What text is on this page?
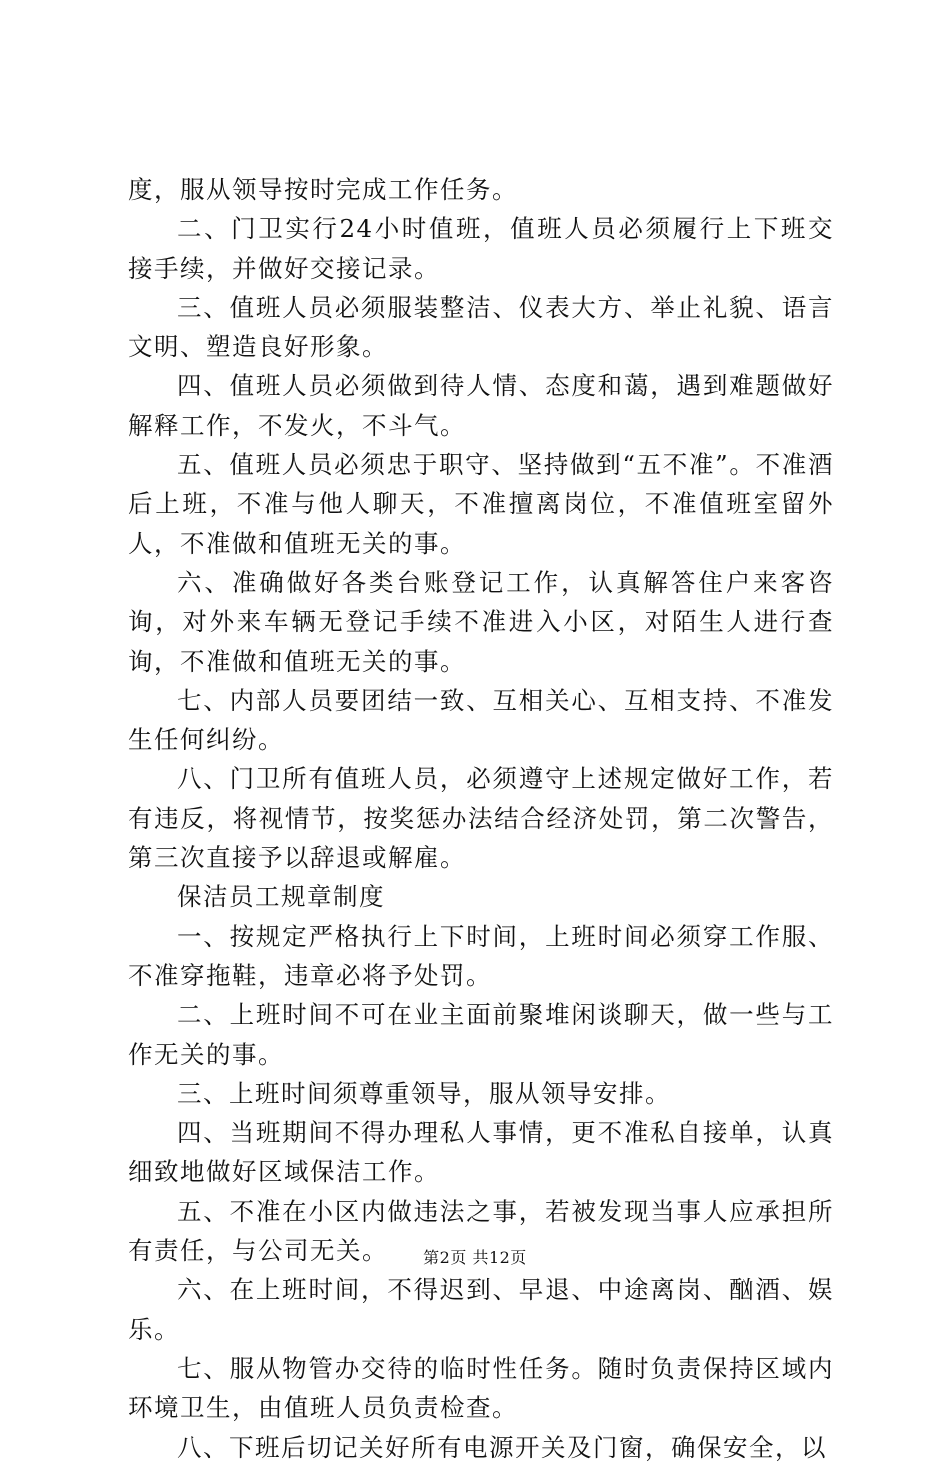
度，服从领导按时完成工作任务。

二、门卫实行24小时值班，值班人员必须履行上下班交接手续，并做好交接记录。

三、值班人员必须服装整洁、仪表大方、举止礼貌、语言文明、塑造良好形象。

四、值班人员必须做到待人情、态度和蔼，遇到难题做好解释工作，不发火，不斗气。

五、值班人员必须忠于职守、坚持做到“五不准”。不准酒后上班，不准与他人聊天，不准擅离岗位，不准值班室留外人，不准做和值班无关的事。

六、准确做好各类台账登记工作，认真解答住户来客咨询，对外来车辆无登记手续不准进入小区，对陌生人进行查询，不准做和值班无关的事。

七、内部人员要团结一致、互相关心、互相支持、不准发生任何纠纷。

八、门卫所有值班人员，必须遵守上述规定做好工作，若有违反，将视情节，按奖惩办法结合经济处罚，第二次警告，第三次直接予以辞退或解雇。

保洁员工规章制度

一、按规定严格执行上下时间，上班时间必须穿工作服、不准穿拖鞋，违章必将予处罚。

二、上班时间不可在业主面前聚堆闲谈聊天，做一些与工作无关的事。

三、上班时间须尊重领导，服从领导安排。

四、当班期间不得办理私人事情，更不准私自接单，认真细致地做好区域保洁工作。

五、不准在小区内做违法之事，若被发现当事人应承担所有责任，与公司无关。

六、在上班时间，不得迟到、早退、中途离岗、酗酒、娱乐。

七、服从物管办交待的临时性任务。随时负责保持区域内环境卫生，由值班人员负责检查。

八、下班后切记关好所有电源开关及门窗，确保安全，以

第2页 共12页
